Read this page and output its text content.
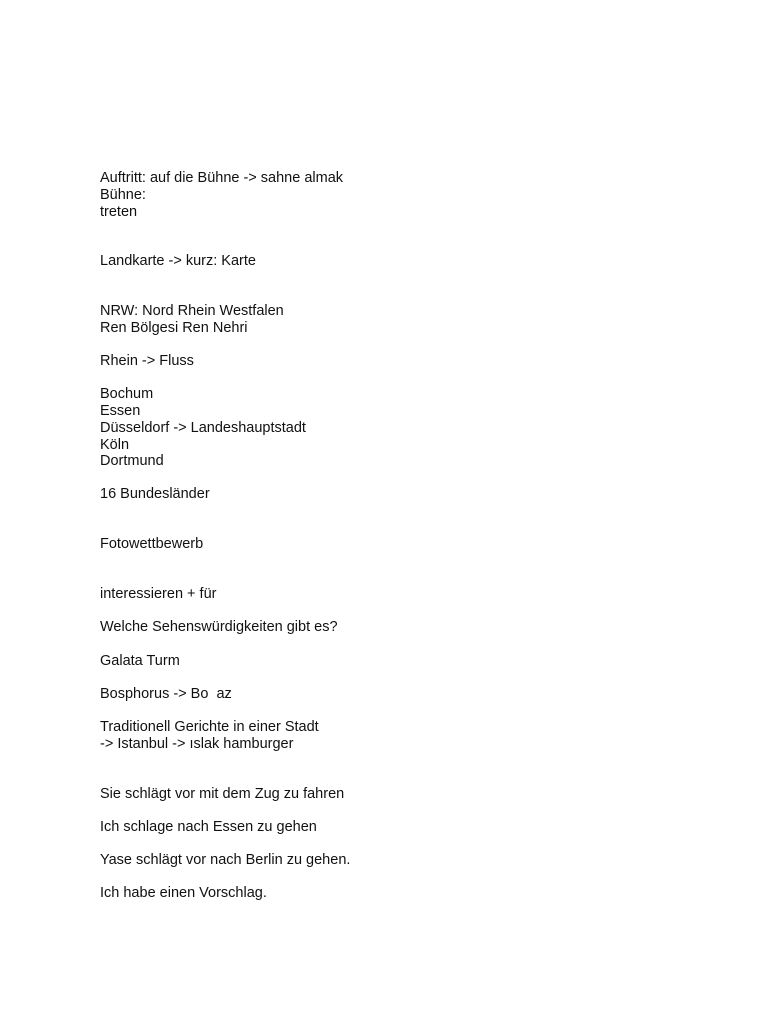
Auftritt: auf die Bühne -> sahne almak
Bühne:
treten
Landkarte -> kurz: Karte
NRW: Nord Rhein Westfalen
Ren Bölgesi Ren Nehri
Rhein -> Fluss
Bochum
Essen
Düsseldorf -> Landeshauptstadt
Köln
Dortmund
16 Bundesländer
Fotowettbewerb
interessieren + für
Welche Sehenswürdigkeiten gibt es?
Galata Turm
Bosphorus -> Bo  az
Traditionell Gerichte in einer Stadt
-> Istanbul -> ıslak hamburger
Sie schlägt vor mit dem Zug zu fahren
Ich schlage nach Essen zu gehen
Yase schlägt vor nach Berlin zu gehen.
Ich habe einen Vorschlag.
